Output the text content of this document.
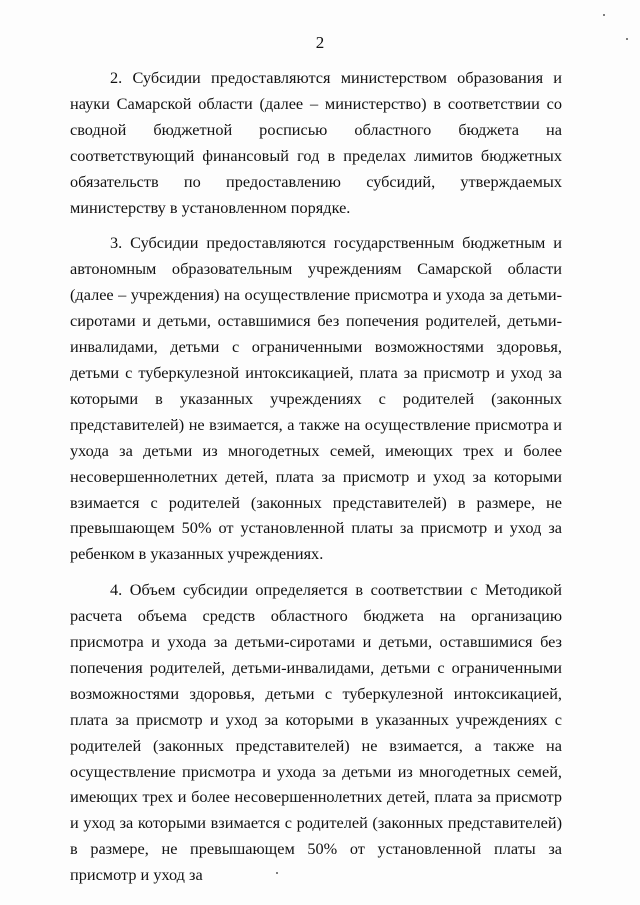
2

2. Субсидии предоставляются министерством образования и науки Самарской области (далее – министерство) в соответствии со сводной бюджетной росписью областного бюджета на соответствующий финансовый год в пределах лимитов бюджетных обязательств по предоставлению субсидий, утверждаемых министерству в установленном порядке.

3. Субсидии предоставляются государственным бюджетным и автономным образовательным учреждениям Самарской области (далее – учреждения) на осуществление присмотра и ухода за детьми-сиротами и детьми, оставшимися без попечения родителей, детьми-инвалидами, детьми с ограниченными возможностями здоровья, детьми с туберкулезной интоксикацией, плата за присмотр и уход за которыми в указанных учреждениях с родителей (законных представителей) не взимается, а также на осуществление присмотра и ухода за детьми из многодетных семей, имеющих трех и более несовершеннолетних детей, плата за присмотр и уход за которыми взимается с родителей (законных представителей) в размере, не превышающем 50% от установленной платы за присмотр и уход за ребенком в указанных учреждениях.

4. Объем субсидии определяется в соответствии с Методикой расчета объема средств областного бюджета на организацию присмотра и ухода за детьми-сиротами и детьми, оставшимися без попечения родителей, детьми-инвалидами, детьми с ограниченными возможностями здоровья, детьми с туберкулезной интоксикацией, плата за присмотр и уход за которыми в указанных учреждениях с родителей (законных представителей) не взимается, а также на осуществление присмотра и ухода за детьми из многодетных семей, имеющих трех и более несовершеннолетних детей, плата за присмотр и уход за которыми взимается с родителей (законных представителей) в размере, не превышающем 50% от установленной платы за присмотр и уход за
